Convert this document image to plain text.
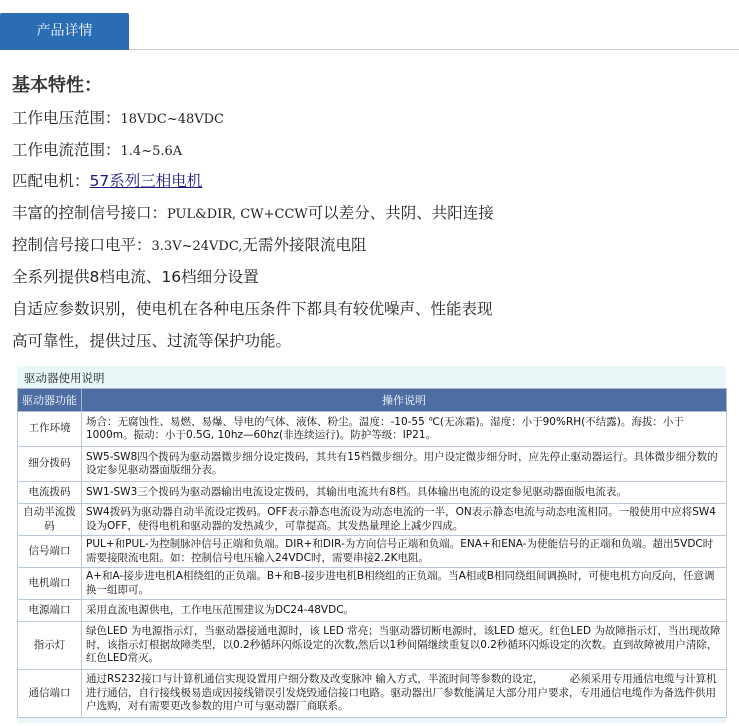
产品详情
基本特性：
工作电压范围：18VDC~48VDC
工作电流范围：1.4~5.6A
匹配电机：57系列三相电机
丰富的控制信号接口：PUL&DIR, CW+CCW可以差分、共阴、共阳连接
控制信号接口电平：3.3V~24VDC,无需外接限流电阻
全系列提供8档电流、16档细分设置
自适应参数识别，使电机在各种电压条件下都具有较优噪声、性能表现
高可靠性，提供过压、过流等保护功能。
驱动器使用说明
驱动器功能	操作说明
工作环境	场合：无腐蚀性、易燃、易爆、导电的气体、液体、粉尘。温度：-10-55 ℃(无冻霜)。湿度：小于90%RH(不结露)。海拔：小于1000m。振动：小于0.5G, 10hz—60hz(非连续运行)。防护等级：IP21。
细分拨码	SW5-SW8四个拨码为驱动器微步细分设定拨码，其共有15档微步细分。用户设定微步细分时，应先停止驱动器运行。具体微步细分数的设定参见驱动器面版细分表。
电流拨码	SW1-SW3三个拨码为驱动器输出电流设定拨码，其输出电流共有8档。具体输出电流的设定参见驱动器面版电流表。
自动半流拨码	SW4拨码为驱动器自动半流设定拨码。OFF表示静态电流设为动态电流的一半，ON表示静态电流与动态电流相同。一般使用中应将SW4设为OFF，使得电机和驱动器的发热减少，可靠提高。其发热量理论上减少四成。
信号端口	PUL+和PUL-为控制脉冲信号正端和负端。DIR+和DIR-为方向信号正端和负端。ENA+和ENA-为使能信号的正端和负端。超出5VDC时需要接限流电阻。如：控制信号电压输入24VDC时，需要串接2.2K电阻。
电机端口	A+和A-接步进电机A相绕组的正负端。B+和B-接步进电机B相绕组的正负端。当A相或B相同绕组间调换时，可使电机方向反向，任意调换一组即可。
电源端口	采用直流电源供电，工作电压范围建议为DC24-48VDC。
指示灯	绿色LED 为电源指示灯，当驱动器接通电源时，该 LED 常亮；当驱动器切断电源时，该LED 熄灭。红色LED 为故障指示灯，当出现故障时，该指示灯根据故障类型，以0.2秒循环闪烁设定的次数,然后以1秒间隔继续重复以0.2秒循环闪烁设定的次数。直到故障被用户清除，红色LED常灭。
通信端口	通过RS232接口与计算机通信实现设置用户细分数及改变脉冲 输入方式，半流时间等参数的设定，　　　必须采用专用通信电缆与计算机进行通信，自行接线极易造成因接线错误引发烧毁通信接口电路。驱动器出厂参数能满足大部分用户要求，专用通信电缆作为备选件供用户选购，对有需要更改参数的用户可与驱动器厂商联系。
